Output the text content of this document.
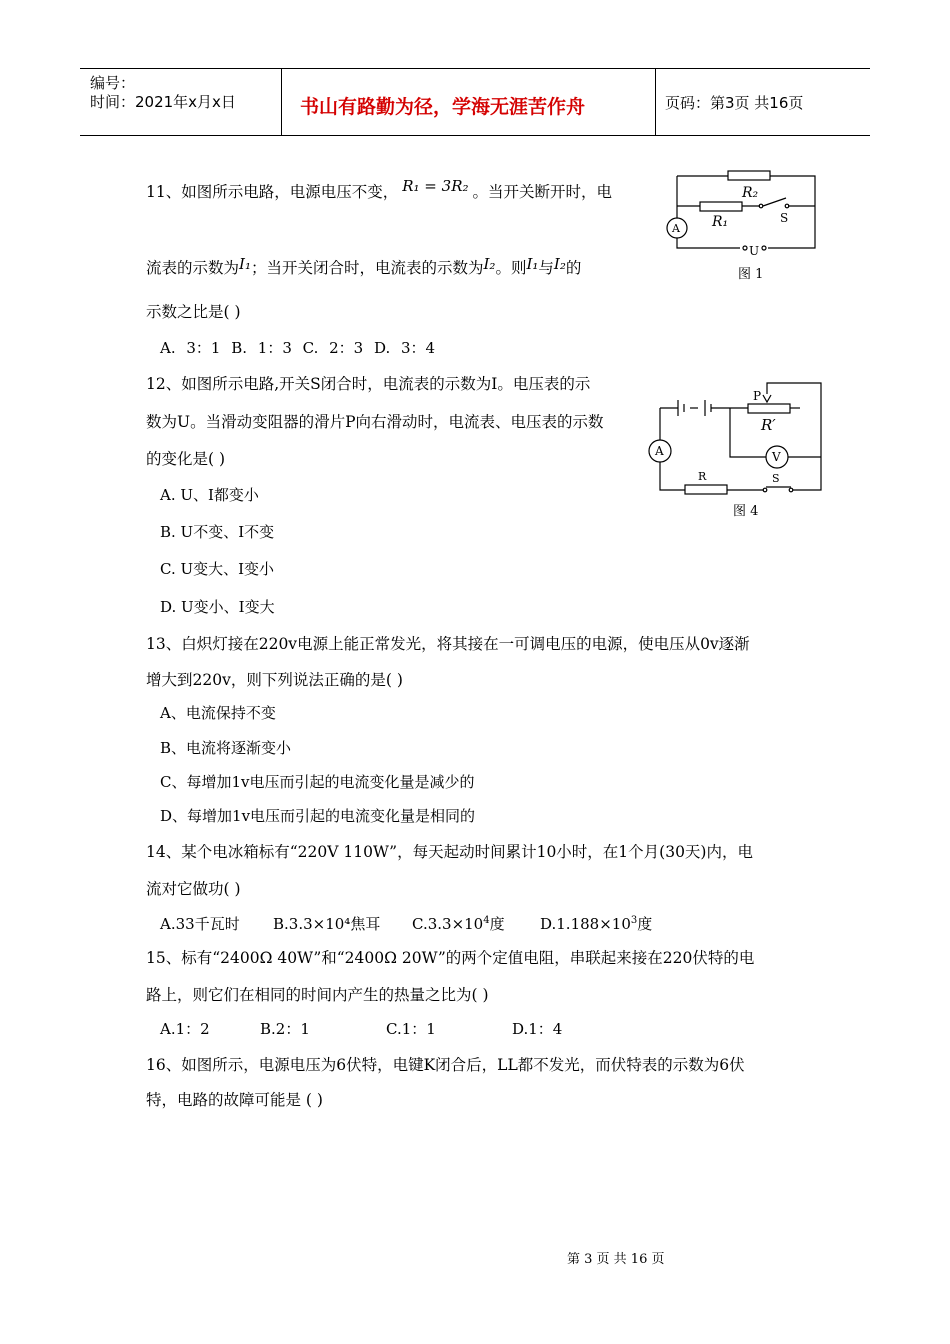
编号：
时间：2021年x月x日	书山有路勤为径，学海无涯苦作舟	页码：第3页 共16页
11、如图所示电路，电源电压不变， R₁ = 3R₂ 。当开关断开时，电
流表的示数为I₁；当开关闭合时，电流表的示数为I₂。则I₁与I₂的
示数之比是( )
A. 3：1 B. 1：3 C. 2：3 D. 3：4
A
R₂
R₁	S
U
图 1
12、如图所示电路,开关S闭合时，电流表的示数为I。电压表的示
数为U。当滑动变阻器的滑片P向右滑动时，电流表、电压表的示数
的变化是( )
A. U、I都变小
B. U不变、I不变
C. U变大、I变小
D. U变小、I变大
P
R′
A	V
R	S
图 4
13、白炽灯接在220v电源上能正常发光，将其接在一可调电压的电源，使电压从0v逐渐
增大到220v，则下列说法正确的是( )
A、电流保持不变
B、电流将逐渐变小
C、每增加1v电压而引起的电流变化量是减少的
D、每增加1v电压而引起的电流变化量是相同的
14、某个电冰箱标有“220V 110W”，每天起动时间累计10小时，在1个月(30天)内，电
流对它做功( )
A.33千瓦时 B.3.3×10⁴焦耳 $C.3.3\times 10^4$度 $D.1.188\times 10^3$度
15、标有“2400Ω 40W”和“2400Ω 20W”的两个定值电阻，串联起来接在220伏特的电
路上，则它们在相同的时间内产生的热量之比为( )
A.1：2	B.2：1	C.1：1	D.1：4
16、如图所示，电源电压为6伏特，电键K闭合后，LL都不发光，而伏特表的示数为6伏
特，电路的故障可能是 ( )
第 3 页 共 16 页
